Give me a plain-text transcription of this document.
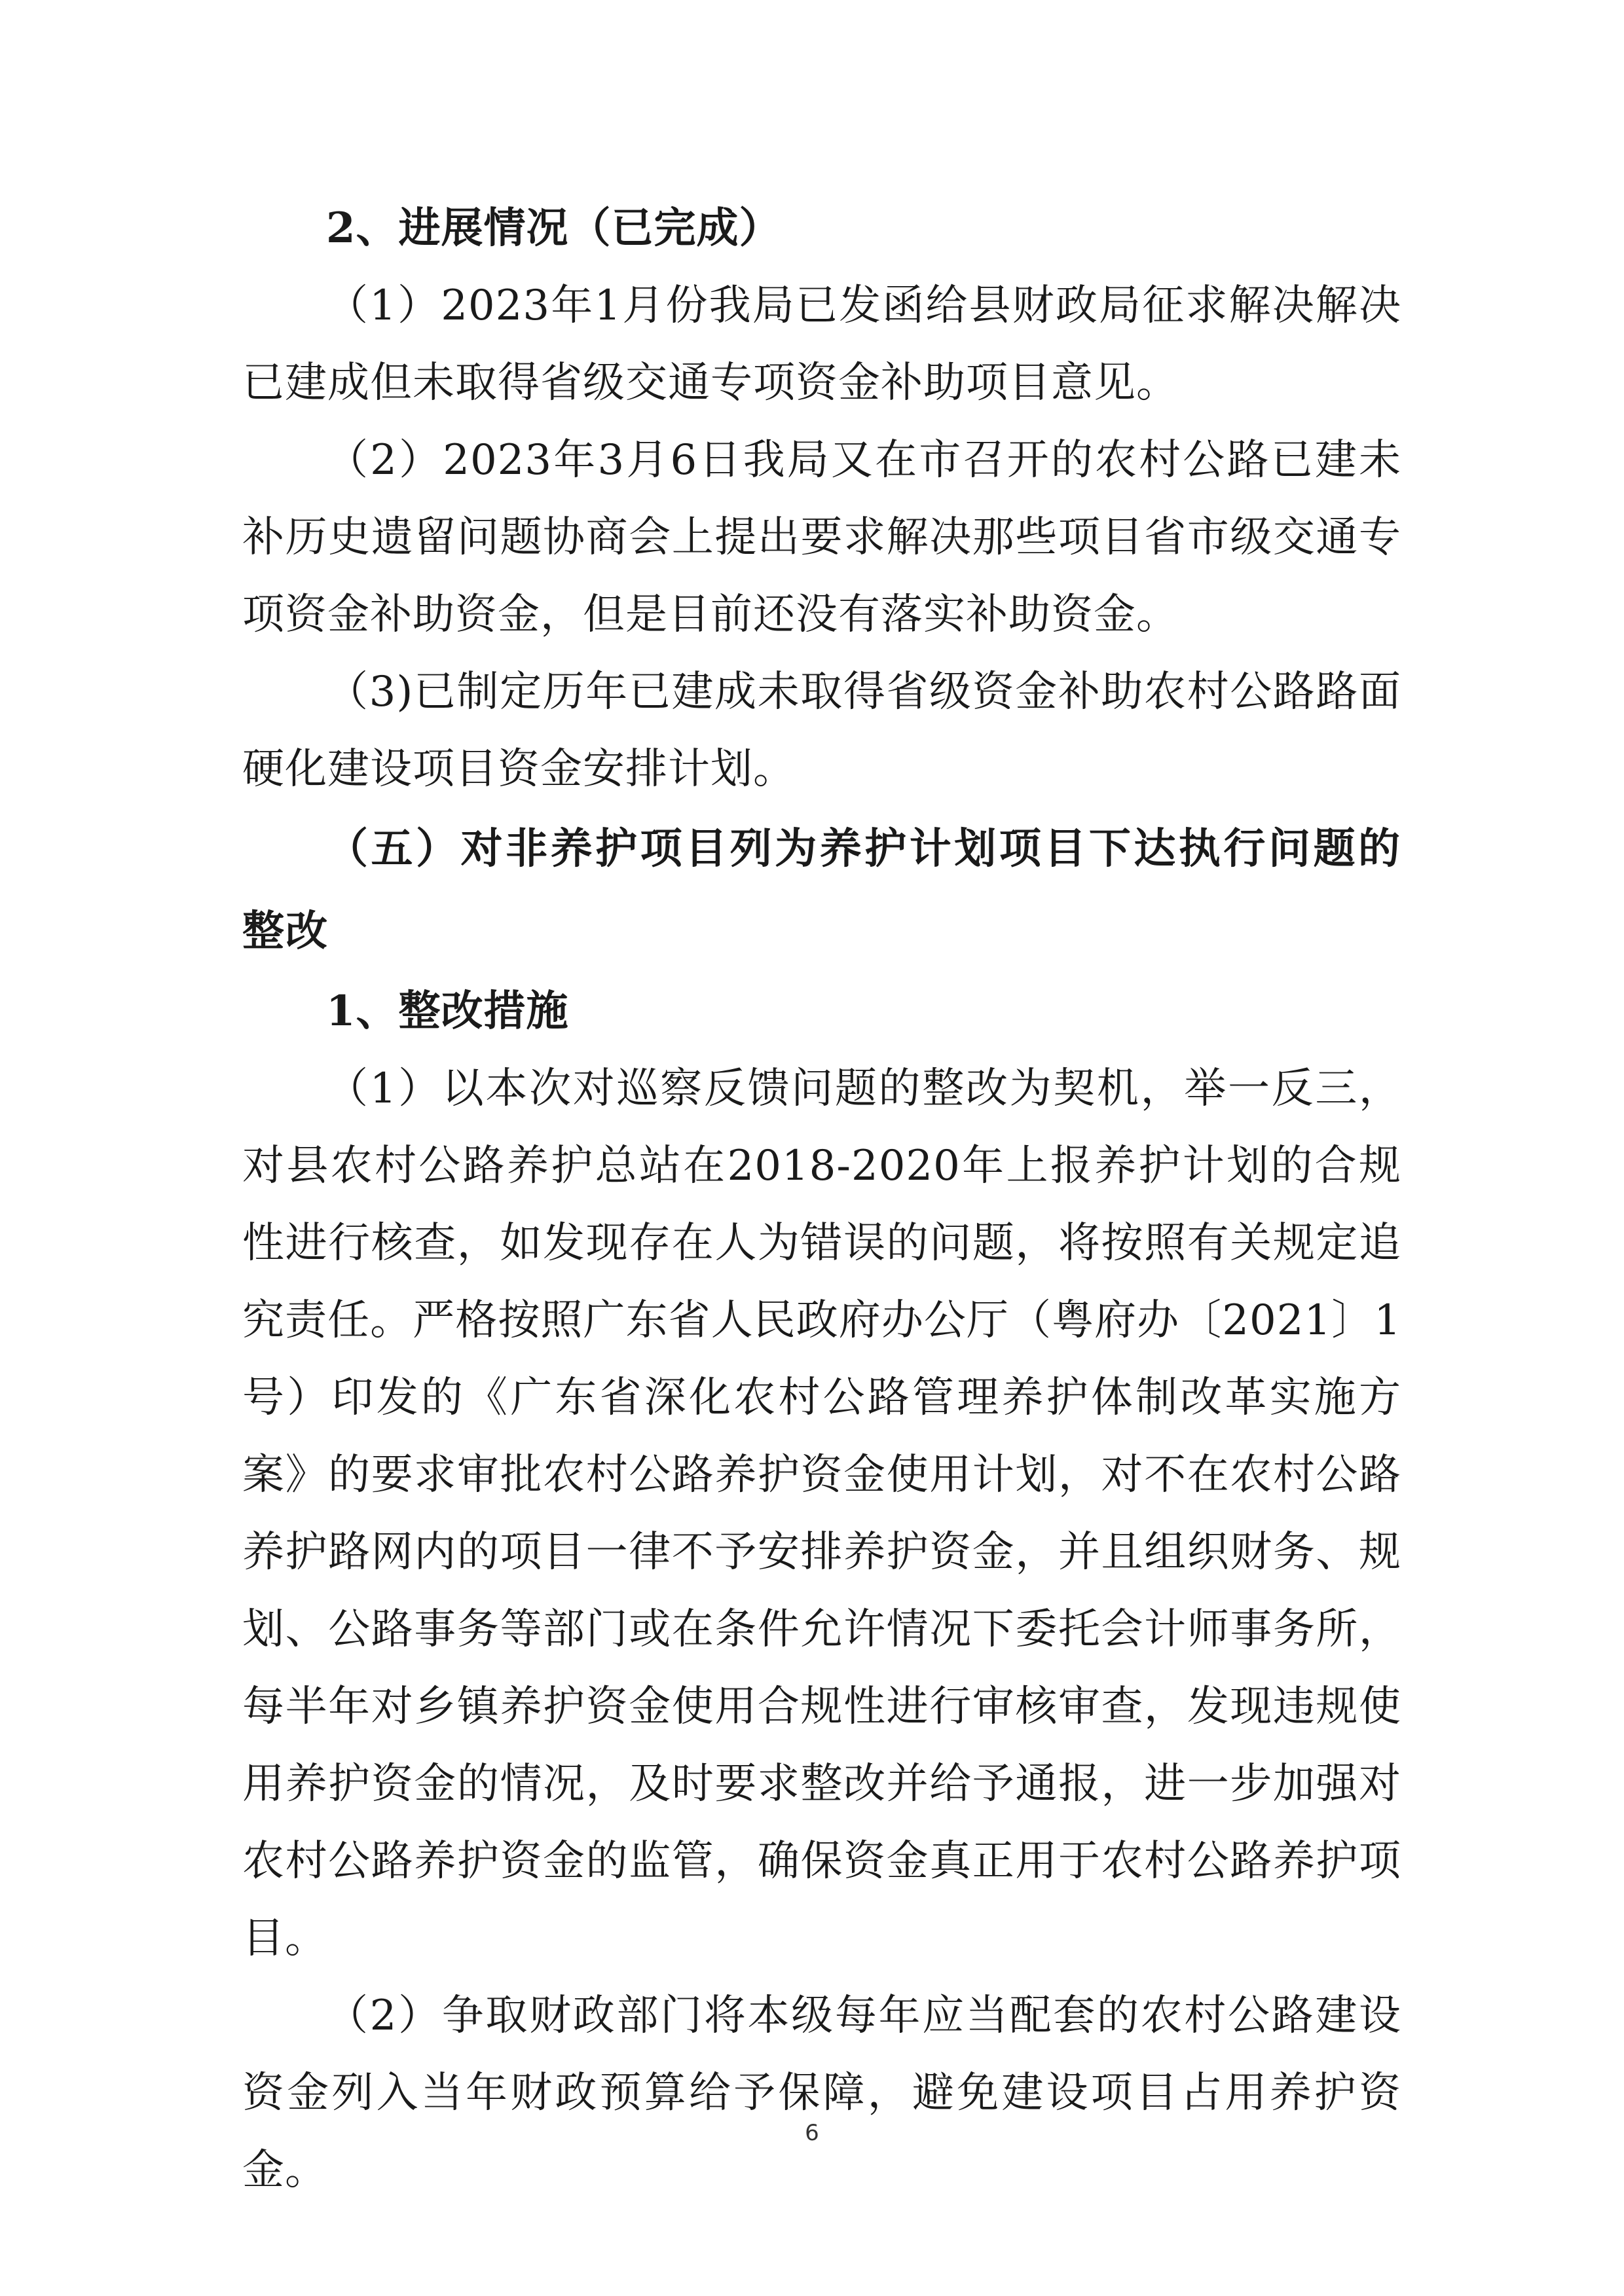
2、进展情况（已完成）

（1）2023年1月份我局已发函给县财政局征求解决解决已建成但未取得省级交通专项资金补助项目意见。

（2）2023年3月6日我局又在市召开的农村公路已建未补历史遗留问题协商会上提出要求解决那些项目省市级交通专项资金补助资金，但是目前还没有落实补助资金。

（3)已制定历年已建成未取得省级资金补助农村公路路面硬化建设项目资金安排计划。

（五）对非养护项目列为养护计划项目下达执行问题的整改

1、整改措施

（1）以本次对巡察反馈问题的整改为契机，举一反三，对县农村公路养护总站在2018-2020年上报养护计划的合规性进行核查，如发现存在人为错误的问题，将按照有关规定追究责任。严格按照广东省人民政府办公厅（粤府办〔2021〕1号）印发的《广东省深化农村公路管理养护体制改革实施方案》的要求审批农村公路养护资金使用计划，对不在农村公路养护路网内的项目一律不予安排养护资金，并且组织财务、规划、公路事务等部门或在条件允许情况下委托会计师事务所，每半年对乡镇养护资金使用合规性进行审核审查，发现违规使用养护资金的情况，及时要求整改并给予通报，进一步加强对农村公路养护资金的监管，确保资金真正用于农村公路养护项目。

（2）争取财政部门将本级每年应当配套的农村公路建设资金列入当年财政预算给予保障，避免建设项目占用养护资金。

6
